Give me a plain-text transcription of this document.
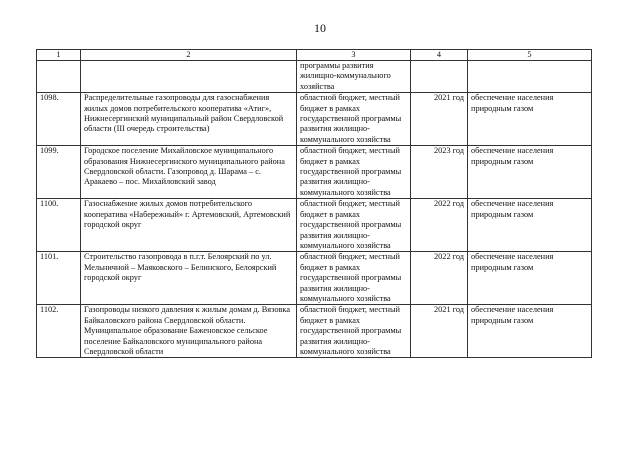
10
1	2	3	4	5
		программы развития жилищно-коммунального хозяйства		
1098.	Распределительные газопроводы для газоснабжения жилых домов потребительского кооператива «Атиг», Нижнесергинский муниципальный район Свердловской области (III очередь строительства)	областной бюджет, местный бюджет в рамках государственной программы развития жилищно-коммунального хозяйства	2021 год	обеспечение населения природным газом
1099.	Городское поселение Михайловское муниципального образования Нижнесергинского муниципального района Свердловской области. Газопровод д. Шарама – с. Аракаево – пос. Михайловский завод	областной бюджет, местный бюджет в рамках государственной программы развития жилищно-коммунального хозяйства	2023 год	обеспечение населения природным газом
1100.	Газоснабжение жилых домов потребительского кооператива «Набережный» г. Артемовский, Артемовский городской округ	областной бюджет, местный бюджет в рамках государственной программы развития жилищно-коммунального хозяйства	2022 год	обеспечение населения природным газом
1101.	Строительство газопровода в п.г.т. Белоярский по ул. Мельничной – Маяковского – Белинского, Белоярский городской округ	областной бюджет, местный бюджет в рамках государственной программы развития жилищно-коммунального хозяйства	2022 год	обеспечение населения природным газом
1102.	Газопроводы низкого давления к жилым домам д. Вязовка Байкаловского района Свердловской области. Муниципальное образование Баженовское сельское поселение Байкаловского муниципального района Свердловской области	областной бюджет, местный бюджет в рамках государственной программы развития жилищно-коммунального хозяйства	2021 год	обеспечение населения природным газом
